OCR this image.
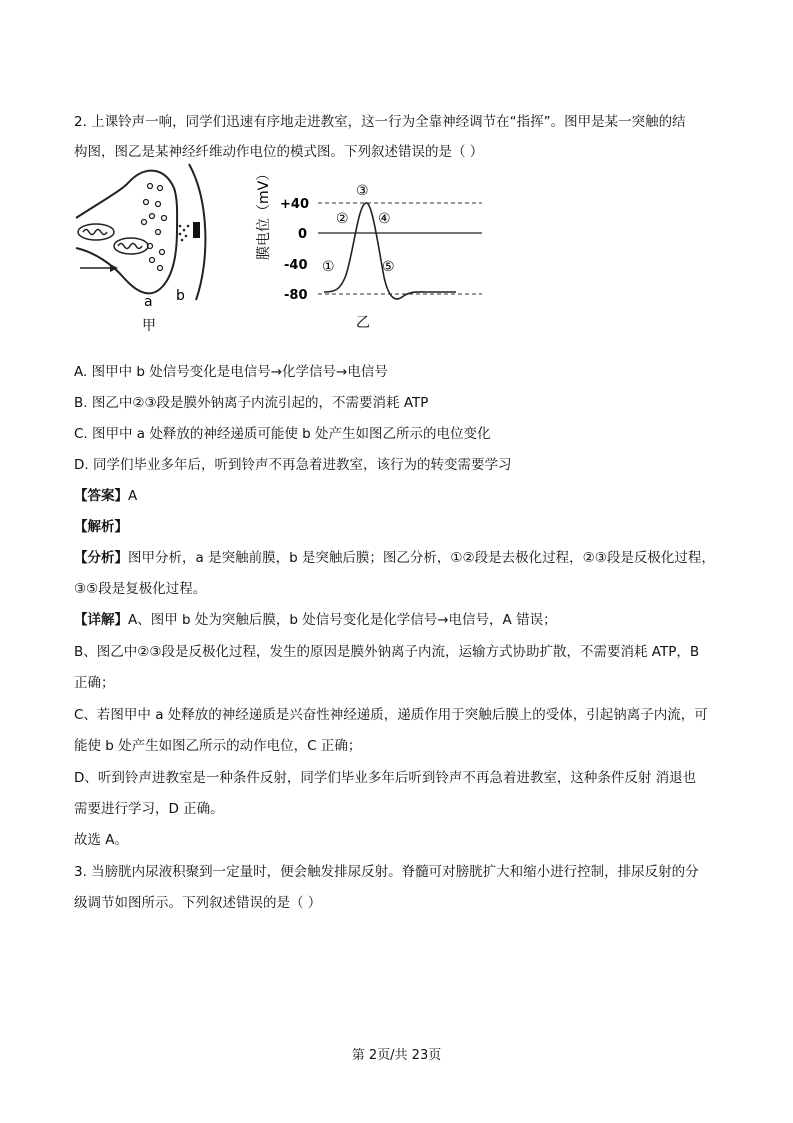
2. 上课铃声一响，同学们迅速有序地走进教室，这一行为全靠神经调节在“指挥”。图甲是某一突触的结
构图，图乙是某神经纤维动作电位的模式图。下列叙述错误的是（ ）
a b
甲
膜电位（mV） +40
0
-40
-80
①
②
③
④
⑤
乙
A. 图甲中 b 处信号变化是电信号→化学信号→电信号
B. 图乙中②③段是膜外钠离子内流引起的，不需要消耗 ATP
C. 图甲中 a 处释放的神经递质可能使 b 处产生如图乙所示的电位变化
D. 同学们毕业多年后，听到铃声不再急着进教室，该行为的转变需要学习
【答案】A
【解析】
【分析】图甲分析，a 是突触前膜，b 是突触后膜；图乙分析，①②段是去极化过程，②③段是反极化过程，
③⑤段是复极化过程。
【详解】A、图甲 b 处为突触后膜，b 处信号变化是化学信号→电信号，A 错误；
B、图乙中②③段是反极化过程，发生的原因是膜外钠离子内流，运输方式协助扩散，不需要消耗 ATP，B
正确；
C、若图甲中 a 处释放的神经递质是兴奋性神经递质，递质作用于突触后膜上的受体，引起钠离子内流，可
能使 b 处产生如图乙所示的动作电位，C 正确；
D、听到铃声进教室是一种条件反射，同学们毕业多年后听到铃声不再急着进教室，这种条件反射 消退也
需要进行学习，D 正确。
故选 A。
3. 当膀胱内尿液积聚到一定量时，便会触发排尿反射。脊髓可对膀胱扩大和缩小进行控制，排尿反射的分
级调节如图所示。下列叙述错误的是（ ）
第 2页/共 23页
